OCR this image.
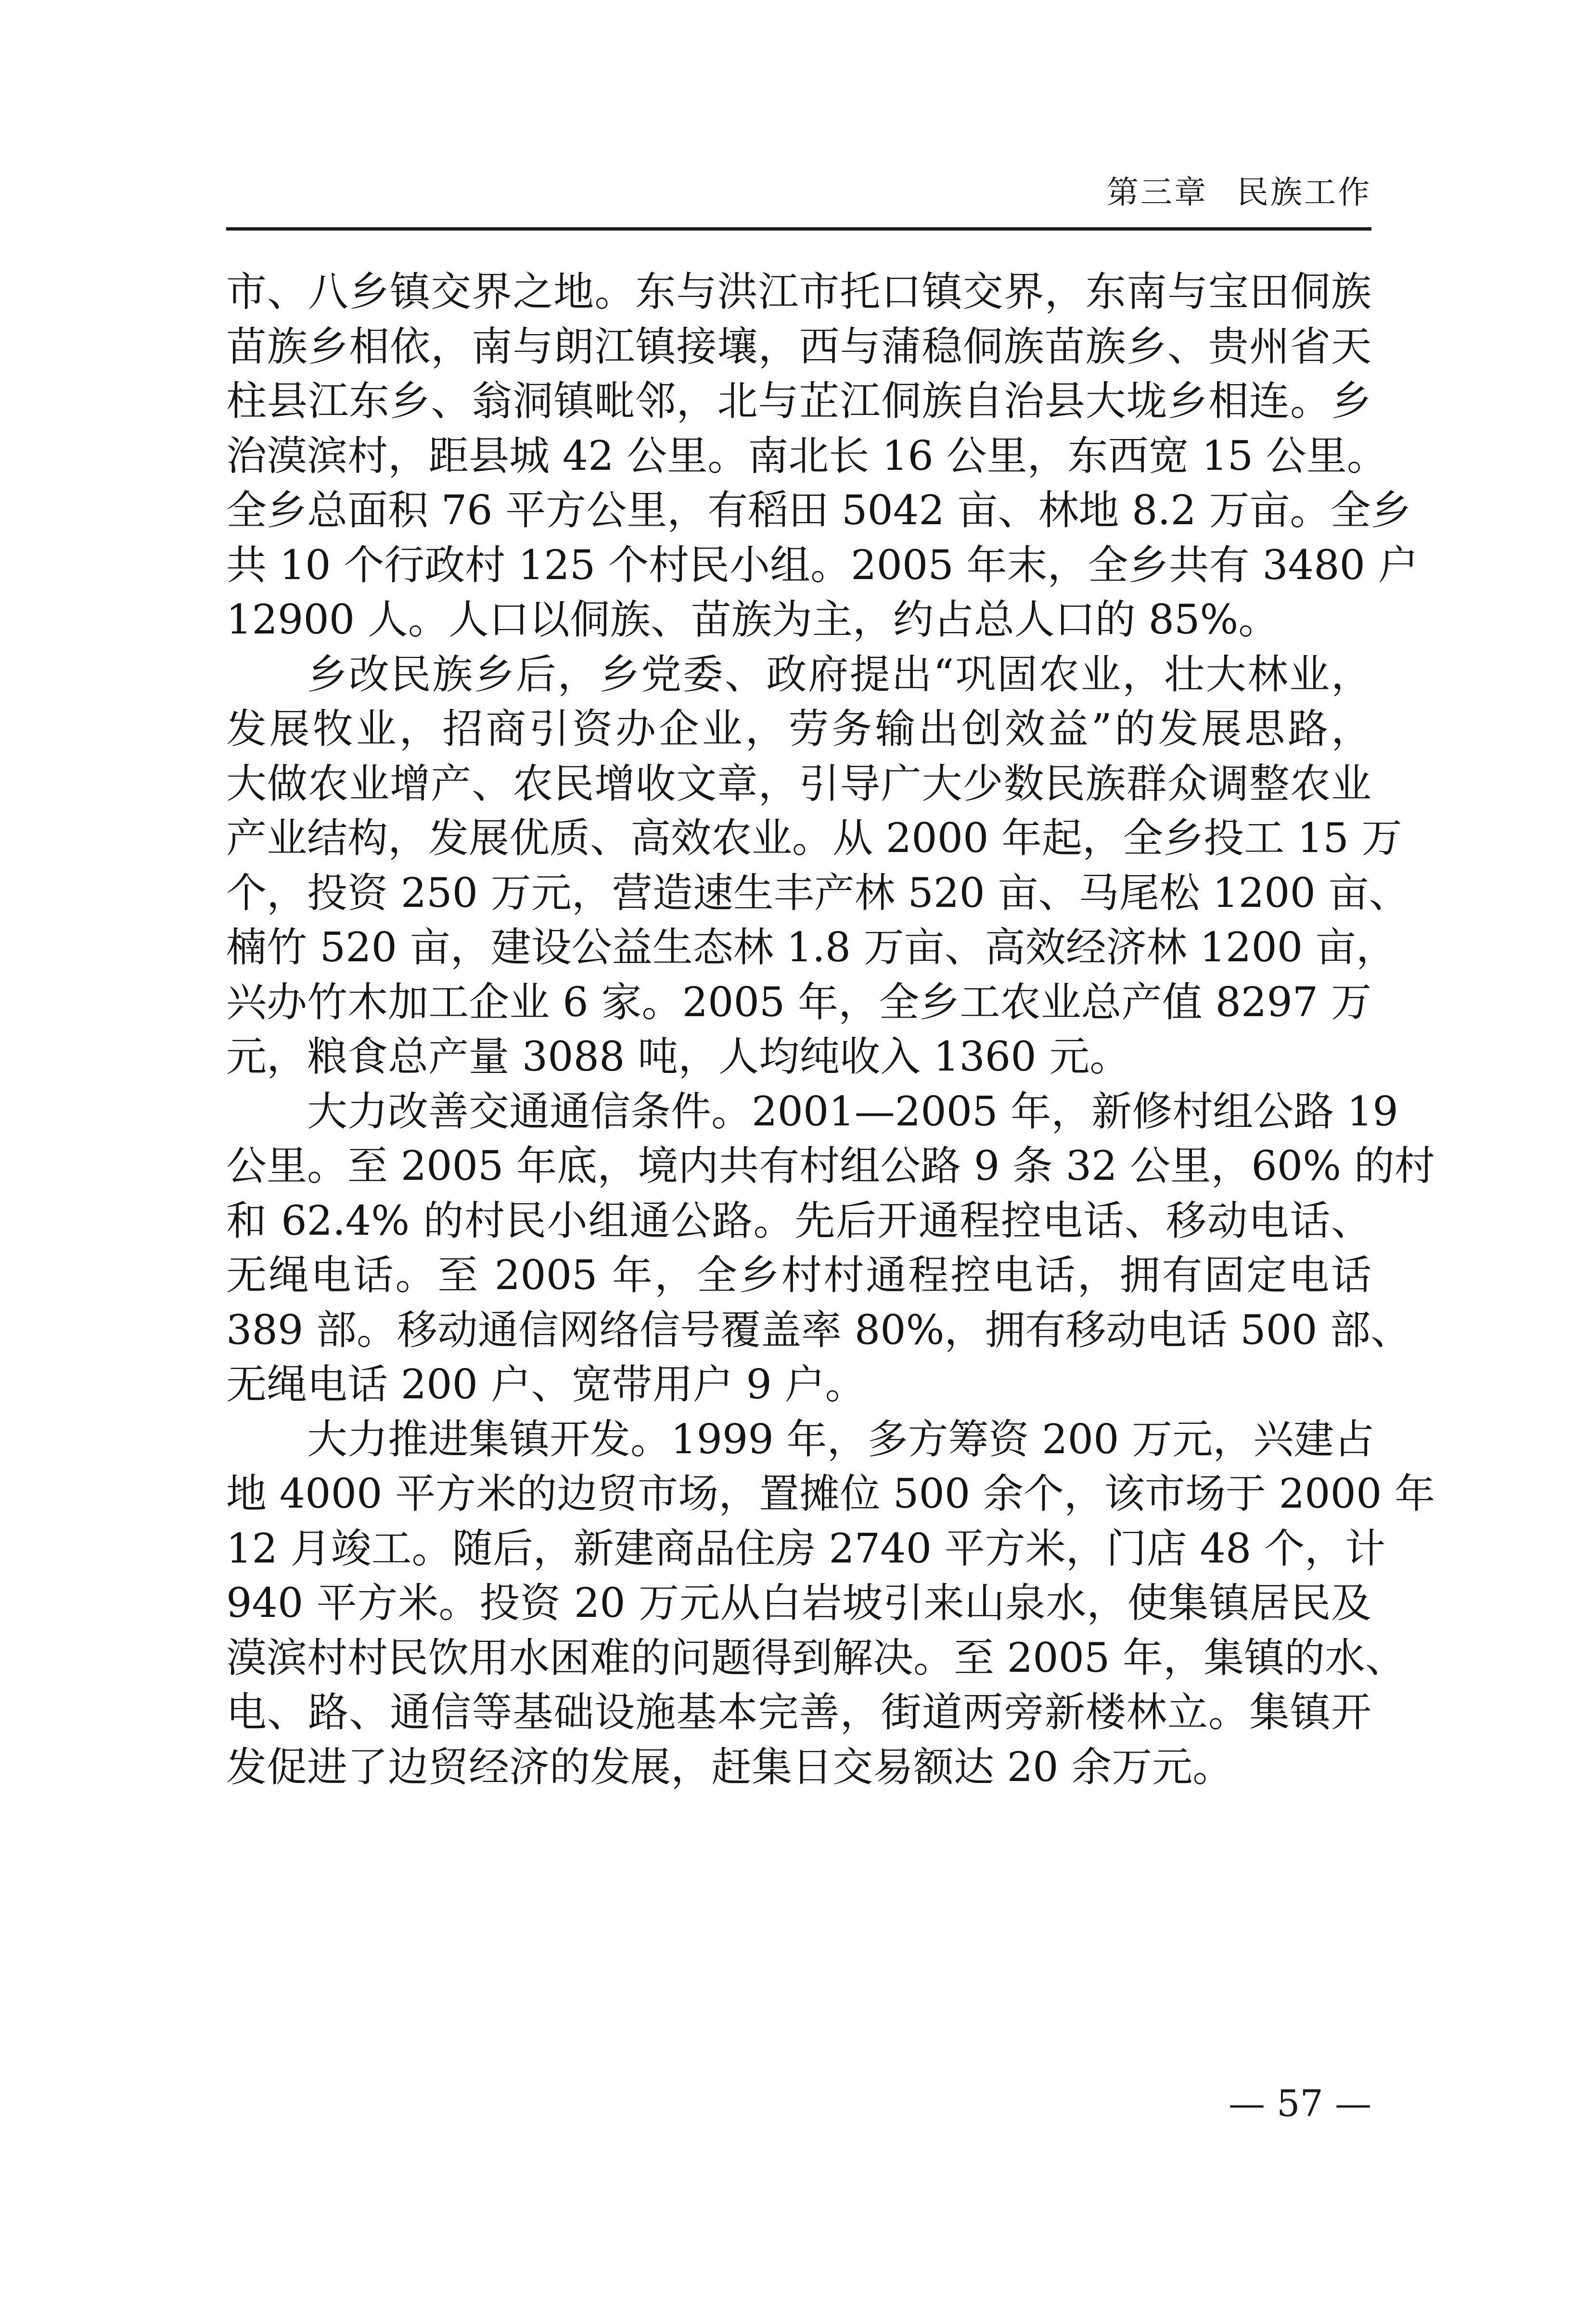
第三章 民族工作
市、八乡镇交界之地。东与洪江市托口镇交界，东南与宝田侗族
苗族乡相依，南与朗江镇接壤，西与蒲稳侗族苗族乡、贵州省天
柱县江东乡、翁洞镇毗邻，北与芷江侗族自治县大垅乡相连。乡
治漠滨村，距县城 42 公里。南北长 16 公里，东西宽 15 公里。
全乡总面积 76 平方公里，有稻田 5042 亩、林地 8.2 万亩。全乡
共 10 个行政村 125 个村民小组。2005 年末，全乡共有 3480 户
12900 人。人口以侗族、苗族为主，约占总人口的 85%。
乡改民族乡后，乡党委、政府提出“巩固农业，壮大林业，
发展牧业，招商引资办企业，劳务输出创效益”的发展思路，
大做农业增产、农民增收文章，引导广大少数民族群众调整农业
产业结构，发展优质、高效农业。从 2000 年起，全乡投工 15 万
个，投资 250 万元，营造速生丰产林 520 亩、马尾松 1200 亩、
楠竹 520 亩，建设公益生态林 1.8 万亩、高效经济林 1200 亩，
兴办竹木加工企业 6 家。2005 年，全乡工农业总产值 8297 万
元，粮食总产量 3088 吨，人均纯收入 1360 元。
大力改善交通通信条件。2001—2005 年，新修村组公路 19
公里。至 2005 年底，境内共有村组公路 9 条 32 公里，60% 的村
和 62.4% 的村民小组通公路。先后开通程控电话、移动电话、
无绳电话。至 2005 年，全乡村村通程控电话，拥有固定电话
389 部。移动通信网络信号覆盖率 80%，拥有移动电话 500 部、
无绳电话 200 户、宽带用户 9 户。
大力推进集镇开发。1999 年，多方筹资 200 万元，兴建占
地 4000 平方米的边贸市场，置摊位 500 余个，该市场于 2000 年
12 月竣工。随后，新建商品住房 2740 平方米，门店 48 个，计
940 平方米。投资 20 万元从白岩坡引来山泉水，使集镇居民及
漠滨村村民饮用水困难的问题得到解决。至 2005 年，集镇的水、
电、路、通信等基础设施基本完善，街道两旁新楼林立。集镇开
发促进了边贸经济的发展，赶集日交易额达 20 余万元。
— 57 —
